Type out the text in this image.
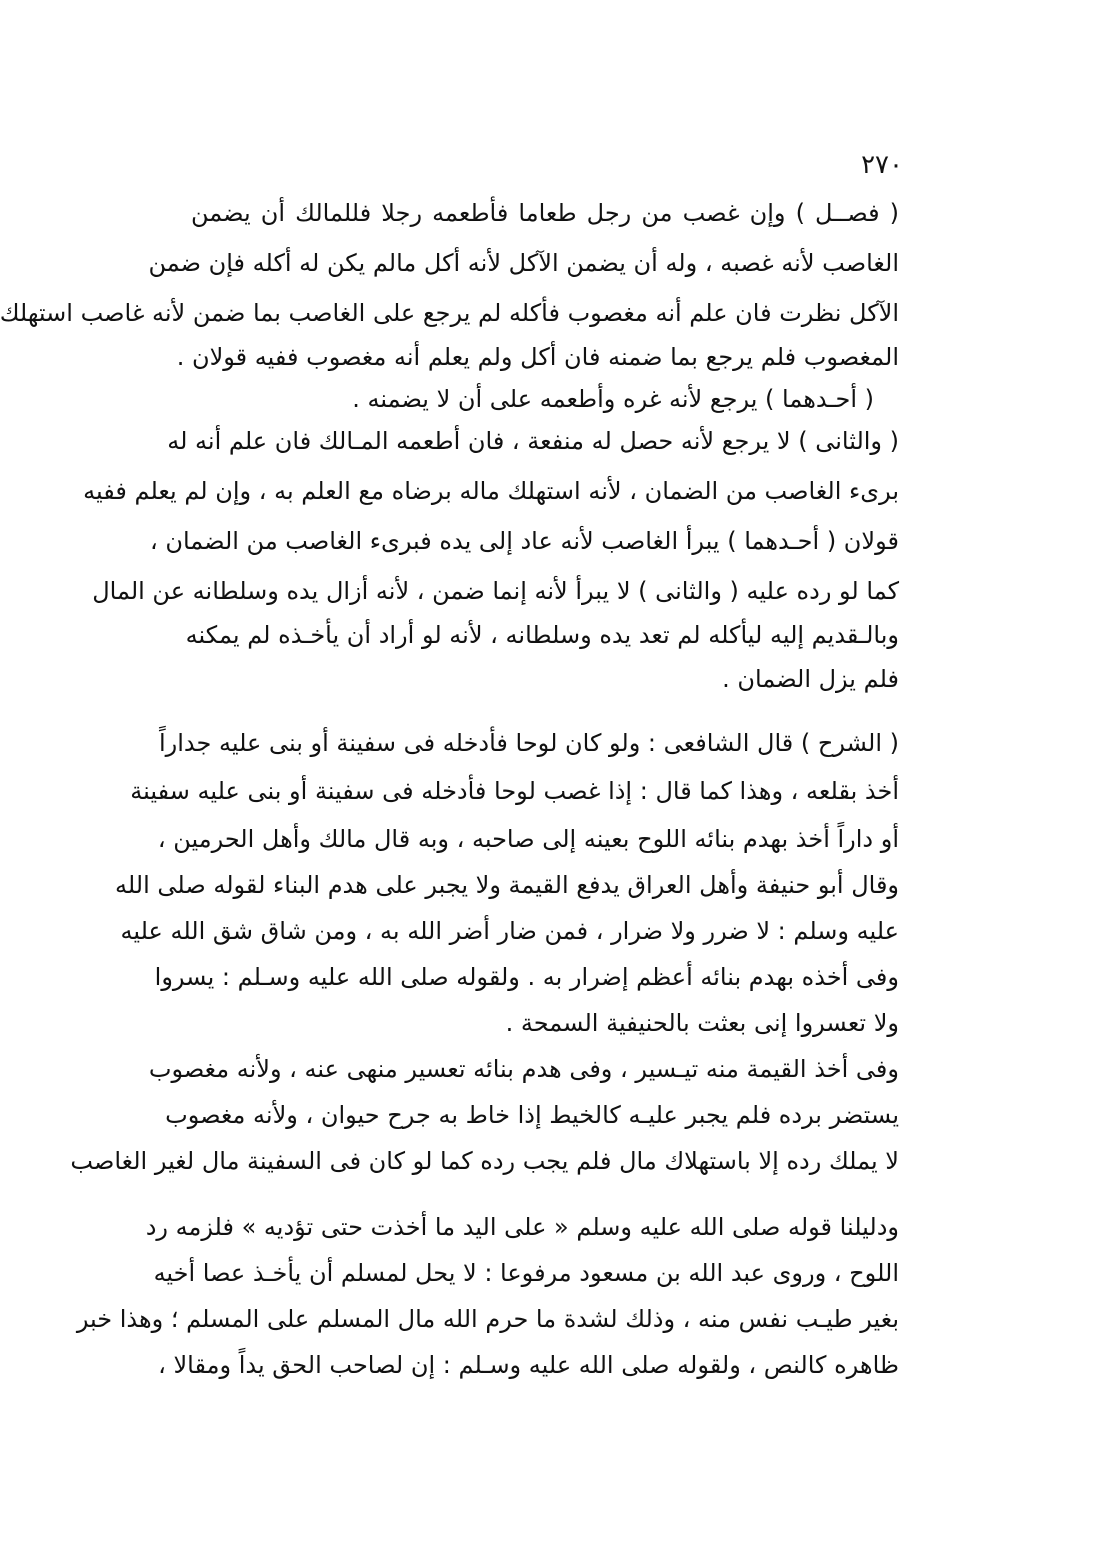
٢٧٠
( فصــل ) وإن غصب من رجل طعاما فأطعمه رجلا فللمالك أن يضمن
الغاصب لأنه غصبه ، وله أن يضمن الآكل لأنه أكل مالم يكن له أكله فإن ضمن
الآكل نظرت فان علم أنه مغصوب فأكله لم يرجع على الغاصب بما ضمن لأنه غاصب استهلك
المغصوب فلم يرجع بما ضمنه فان أكل ولم يعلم أنه مغصوب ففيه قولان .
( أحـدهما ) يرجع لأنه غره وأطعمه على أن لا يضمنه .
( والثانى ) لا يرجع لأنه حصل له منفعة ، فان أطعمه المـالك فان علم أنه له
برىء الغاصب من الضمان ، لأنه استهلك ماله برضاه مع العلم به ، وإن لم يعلم ففيه
قولان ( أحـدهما ) يبرأ الغاصب لأنه عاد إلى يده فبرىء الغاصب من الضمان ،
كما لو رده عليه ( والثانى ) لا يبرأ لأنه إنما ضمن ، لأنه أزال يده وسلطانه عن المال
وبالـقديم إليه ليأكله لم تعد يده وسلطانه ، لأنه لو أراد أن يأخـذه لم يمكنه
فلم يزل الضمان .
( الشرح ) قال الشافعى : ولو كان لوحا فأدخله فى سفينة أو بنى عليه جداراً
أخذ بقلعه ، وهذا كما قال : إذا غصب لوحا فأدخله فى سفينة أو بنى عليه سفينة
أو داراً أخذ بهدم بنائه اللوح بعينه إلى صاحبه ، وبه قال مالك وأهل الحرمين ،
وقال أبو حنيفة وأهل العراق يدفع القيمة ولا يجبر على هدم البناء لقوله صلى الله
عليه وسلم : لا ضرر ولا ضرار ، فمن ضار أضر الله به ، ومن شاق شق الله عليه
وفى أخذه بهدم بنائه أعظم إضرار به . ولقوله صلى الله عليه وسـلم : يسروا
ولا تعسروا إنى بعثت بالحنيفية السمحة .
وفى أخذ القيمة منه تيـسير ، وفى هدم بنائه تعسير منهى عنه ، ولأنه مغصوب
يستضر برده فلم يجبر عليـه كالخيط إذا خاط به جرح حيوان ، ولأنه مغصوب
لا يملك رده إلا باستهلاك مال فلم يجب رده كما لو كان فى السفينة مال لغير الغاصب
ودليلنا قوله صلى الله عليه وسلم « على اليد ما أخذت حتى تؤديه » فلزمه رد
اللوح ، وروى عبد الله بن مسعود مرفوعا : لا يحل لمسلم أن يأخـذ عصا أخيه
بغير طيـب نفس منه ، وذلك لشدة ما حرم الله مال المسلم على المسلم ؛ وهذا خبر
ظاهره كالنص ، ولقوله صلى الله عليه وسـلم : إن لصاحب الحق يداً ومقالا ،
